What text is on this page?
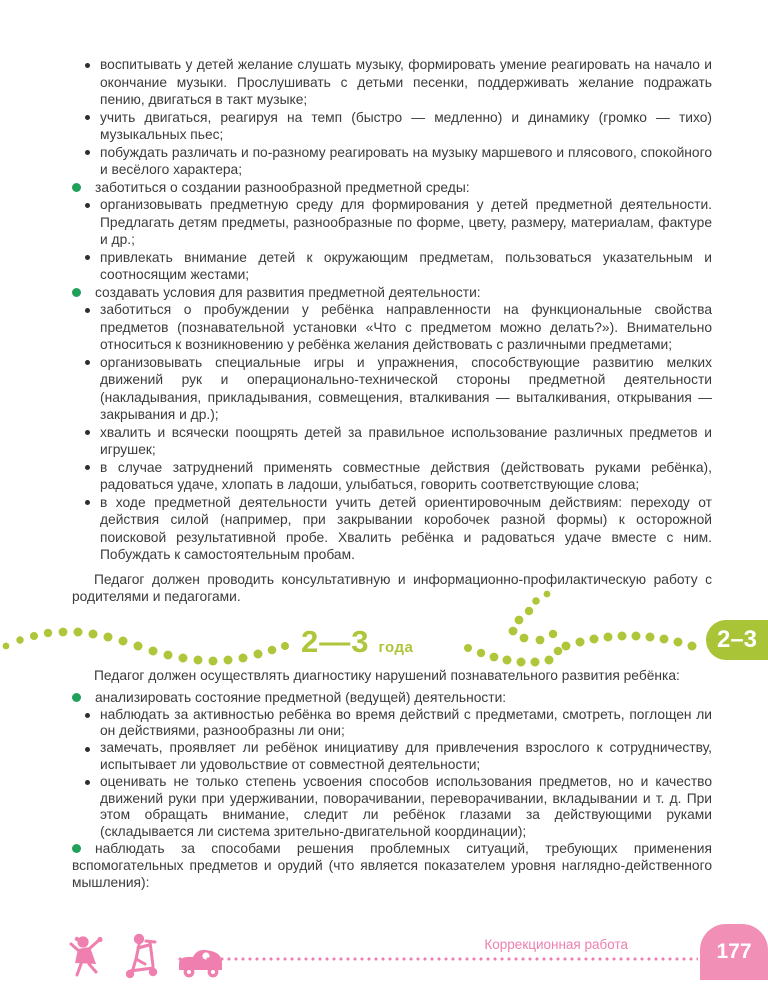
воспитывать у детей желание слушать музыку, формировать умение реагировать на начало и окончание музыки. Прослушивать с детьми песенки, поддерживать желание подражать пению, двигаться в такт музыке;
учить двигаться, реагируя на темп (быстро — медленно) и динамику (громко — тихо) музыкальных пьес;
побуждать различать и по-разному реагировать на музыку маршевого и плясового, спокойного и весёлого характера;
заботиться о создании разнообразной предметной среды:
организовывать предметную среду для формирования у детей предметной деятельности. Предлагать детям предметы, разнообразные по форме, цвету, размеру, материалам, фактуре и др.;
привлекать внимание детей к окружающим предметам, пользоваться указательным и соотносящим жестами;
создавать условия для развития предметной деятельности:
заботиться о пробуждении у ребёнка направленности на функциональные свойства предметов (познавательной установки «Что с предметом можно делать?»). Внимательно относиться к возникновению у ребёнка желания действовать с различными предметами;
организовывать специальные игры и упражнения, способствующие развитию мелких движений рук и операционально-технической стороны предметной деятельности (накладывания, прикладывания, совмещения, вталкивания — выталкивания, открывания — закрывания и др.);
хвалить и всячески поощрять детей за правильное использование различных предметов и игрушек;
в случае затруднений применять совместные действия (действовать руками ребёнка), радоваться удаче, хлопать в ладоши, улыбаться, говорить соответствующие слова;
в ходе предметной деятельности учить детей ориентировочным действиям: переходу от действия силой (например, при закрывании коробочек разной формы) к осторожной поисковой результативной пробе. Хвалить ребёнка и радоваться удаче вместе с ним. Побуждать к самостоятельным пробам.

Педагог должен проводить консультативную и информационно-профилактическую работу с родителями и педагогами.

2—3 года	2–3

Педагог должен осуществлять диагностику нарушений познавательного развития ребёнка:

анализировать состояние предметной (ведущей) деятельности:
наблюдать за активностью ребёнка во время действий с предметами, смотреть, поглощен ли он действиями, разнообразны ли они;
замечать, проявляет ли ребёнок инициативу для привлечения взрослого к сотрудничеству, испытывает ли удовольствие от совместной деятельности;
оценивать не только степень усвоения способов использования предметов, но и качество движений руки при удерживании, поворачивании, переворачивании, вкладывании и т. д. При этом обращать внимание, следит ли ребёнок глазами за действующими руками (складывается ли система зрительно-двигательной координации);
наблюдать за способами решения проблемных ситуаций, требующих применения вспомогательных предметов и орудий (что является показателем уровня наглядно-действенного мышления):
Коррекционная работа	177
